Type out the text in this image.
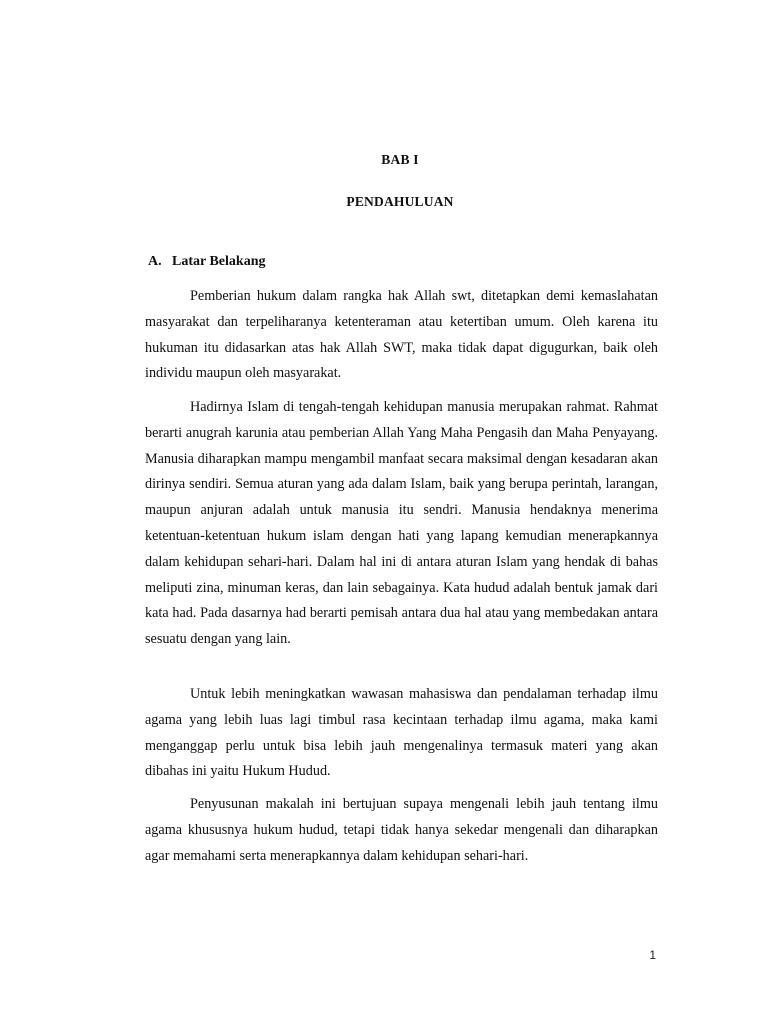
BAB I
PENDAHULUAN
A. Latar Belakang

Pemberian hukum dalam rangka hak Allah swt, ditetapkan demi kemaslahatan masyarakat dan terpeliharanya ketenteraman atau ketertiban umum. Oleh karena itu hukuman itu didasarkan atas hak Allah SWT, maka tidak dapat digugurkan, baik oleh individu maupun oleh masyarakat.

Hadirnya Islam di tengah-tengah kehidupan manusia merupakan rahmat. Rahmat berarti anugrah karunia atau pemberian Allah Yang Maha Pengasih dan Maha Penyayang. Manusia diharapkan mampu mengambil manfaat secara maksimal dengan kesadaran akan dirinya sendiri. Semua aturan yang ada dalam Islam, baik yang berupa perintah, larangan, maupun anjuran adalah untuk manusia itu sendri. Manusia hendaknya menerima ketentuan-ketentuan hukum islam dengan hati yang lapang kemudian menerapkannya dalam kehidupan sehari-hari. Dalam hal ini di antara aturan Islam yang hendak di bahas meliputi zina, minuman keras, dan lain sebagainya. Kata hudud adalah bentuk jamak dari kata had. Pada dasarnya had berarti pemisah antara dua hal atau yang membedakan antara sesuatu dengan yang lain.

Untuk lebih meningkatkan wawasan mahasiswa dan pendalaman terhadap ilmu agama yang lebih luas lagi timbul rasa kecintaan terhadap ilmu agama, maka kami menganggap perlu untuk bisa lebih jauh mengenalinya termasuk materi yang akan dibahas ini yaitu Hukum Hudud.

Penyusunan makalah ini bertujuan supaya mengenali lebih jauh tentang ilmu agama khususnya hukum hudud, tetapi tidak hanya sekedar mengenali dan diharapkan agar memahami serta menerapkannya dalam kehidupan sehari-hari.

1
